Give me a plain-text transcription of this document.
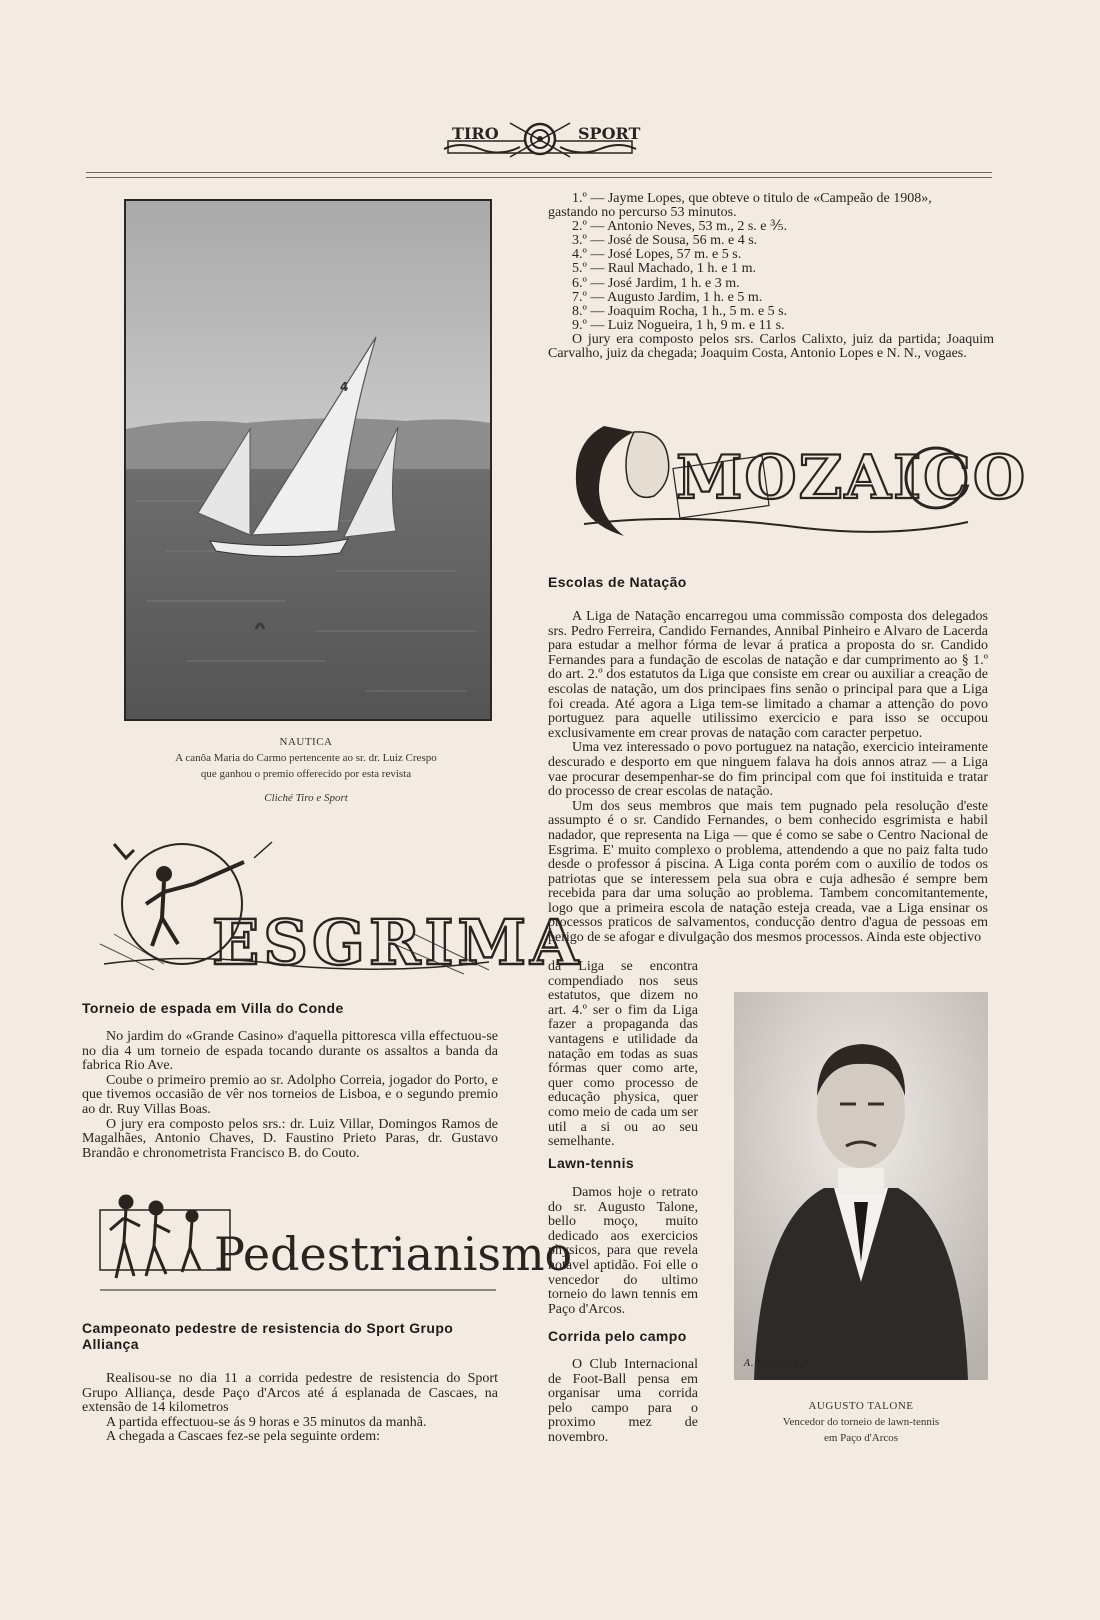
TIRO	SPORT
4
NAUTICA
A canôa Maria do Carmo pertencente ao sr. dr. Luiz Crespo
que ganhou o premio offerecido por esta revista
Cliché Tiro e Sport
ESGRIMA
Torneio de espada em Villa do Conde

No jardim do «Grande Casino» d'aquella pittoresca villa effectuou-se no dia 4 um torneio de espada tocando durante os assaltos a banda da fabrica Rio Ave.

Coube o primeiro premio ao sr. Adolpho Correia, jogador do Porto, e que tivemos occasião de vêr nos torneios de Lisboa, e o segundo premio ao dr. Ruy Villas Boas.

O jury era composto pelos srs.: dr. Luiz Villar, Domingos Ramos de Magalhães, Antonio Chaves, D. Faustino Prieto Paras, dr. Gustavo Brandão e chronometrista Francisco B. do Couto.

Pedestrianismo
Campeonato pedestre de resistencia do Sport Grupo Alliança

Realisou-se no dia 11 a corrida pedestre de resistencia do Sport Grupo Alliança, desde Paço d'Arcos até á esplanada de Cascaes, na extensão de 14 kilometros

A partida effectuou-se ás 9 horas e 35 minutos da manhã.

A chegada a Cascaes fez-se pela seguinte ordem:

1.º — Jayme Lopes, que obteve o titulo de «Campeão de 1908»,
gastando no percurso 53 minutos.
2.º — Antonio Neves, 53 m., 2 s. e ⅗.
3.º — José de Sousa, 56 m. e 4 s.
4.º — José Lopes, 57 m. e 5 s.
5.º — Raul Machado, 1 h. e 1 m.
6.º — José Jardim, 1 h. e 3 m.
7.º — Augusto Jardim, 1 h. e 5 m.
8.º — Joaquim Rocha, 1 h., 5 m. e 5 s.
9.º — Luiz Nogueira, 1 h, 9 m. e 11 s.

O jury era composto pelos srs. Carlos Calixto, juiz da partida; Joaquim Carvalho, juiz da chegada; Joaquim Costa, Antonio Lopes e N. N., vogaes.

MOZAICO
Escolas de Natação

A Liga de Natação encarregou uma commissão composta dos delegados srs. Pedro Ferreira, Candido Fernandes, Annibal Pinheiro e Alvaro de Lacerda para estudar a melhor fórma de levar á pratica a proposta do sr. Candido Fernandes para a fundação de escolas de natação e dar cumprimento ao § 1.º do art. 2.º dos estatutos da Liga que consiste em crear ou auxiliar a creação de escolas de natação, um dos principaes fins senão o principal para que a Liga foi creada. Até agora a Liga tem-se limitado a chamar a attenção do povo portuguez para aquelle utilissimo exercicio e para isso se occupou exclusivamente em crear provas de natação com caracter perpetuo.

Uma vez interessado o povo portuguez na natação, exercicio inteiramente descurado e desporto em que ninguem falava ha dois annos atraz — a Liga vae procurar desempenhar-se do fim principal com que foi instituida e tratar do processo de crear escolas de natação.

Um dos seus membros que mais tem pugnado pela resolução d'este assumpto é o sr. Candido Fernandes, o bem conhecido esgrimista e habil nadador, que representa na Liga — que é como se sabe o Centro Nacional de Esgrima. E' muito complexo o problema, attendendo a que no paiz falta tudo desde o professor á piscina. A Liga conta porém com o auxilio de todos os patriotas que se interessem pela sua obra e cuja adhesão é sempre bem recebida para dar uma solução ao problema. Tambem concomitantemente, logo que a primeira escola de natação esteja creada, vae a Liga ensinar os processos praticos de salvamentos, conducção dentro d'agua de pessoas em perigo de se afogar e divulgação dos mesmos processos. Ainda este objectivo

da Liga se encontra compendiado nos seus estatutos, que dizem no art. 4.º ser o fim da Liga fazer a propaganda das vantagens e utilidade da natação em todas as suas fórmas quer como arte, quer como processo de educação physica, quer como meio de cada um ser util a si ou ao seu semelhante.

Lawn-tennis

Damos hoje o retrato do sr. Augusto Talone, bello moço, muito dedicado aos exercicios physicos, para que revela notavel aptidão. Foi elle o vencedor do ultimo torneio do lawn tennis em Paço d'Arcos.

Corrida pelo campo

O Club Internacional de Foot-Ball pensa em organisar uma corrida pelo campo para o proximo mez de novembro.

A. Martinho Jr.
AUGUSTO TALONE
Vencedor do torneio de lawn-tennis
em Paço d'Arcos
